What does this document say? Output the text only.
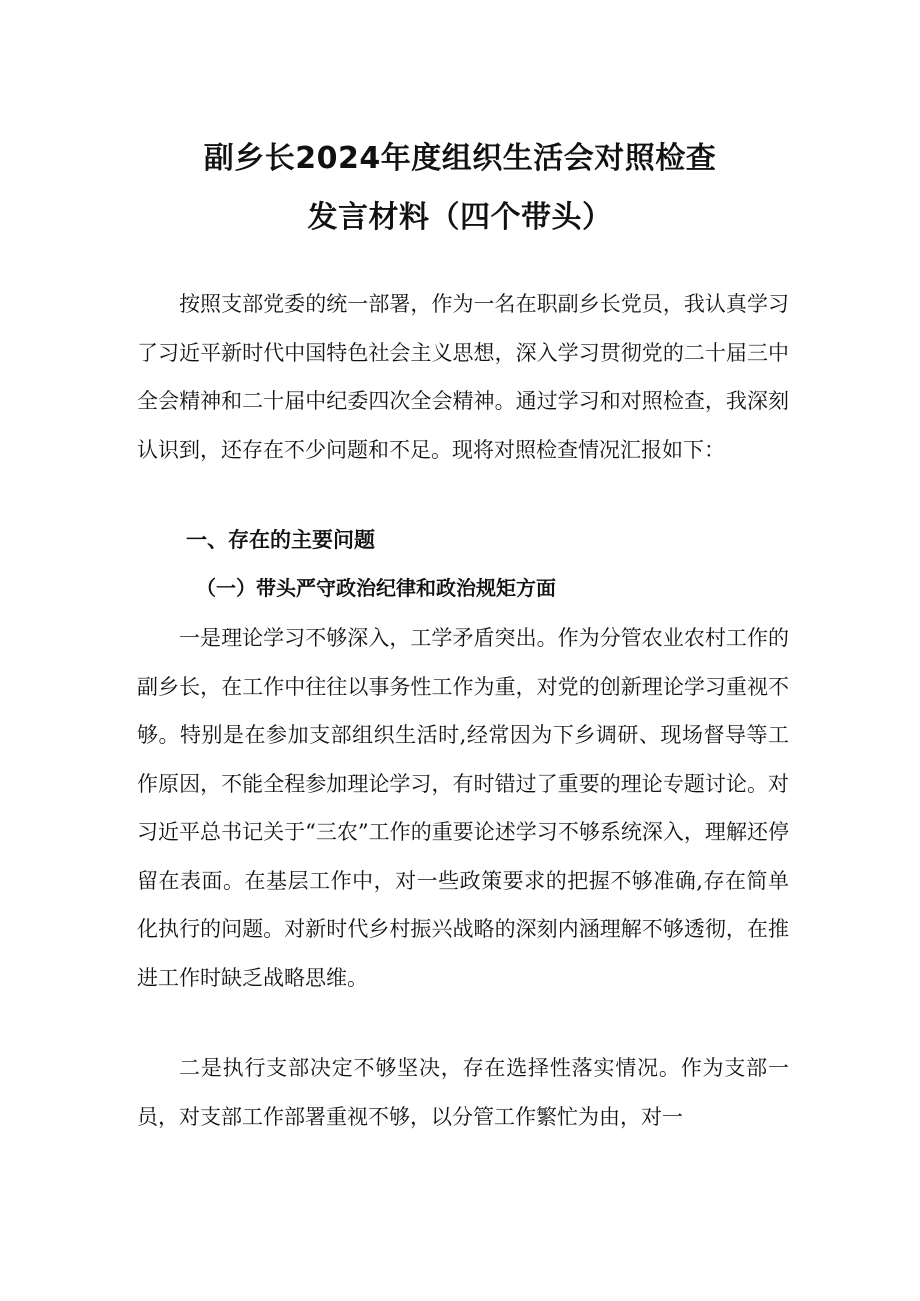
副乡长2024年度组织生活会对照检查
发言材料（四个带头）

按照支部党委的统一部署，作为一名在职副乡长党员，我认真学习了习近平新时代中国特色社会主义思想，深入学习贯彻党的二十届三中全会精神和二十届中纪委四次全会精神。通过学习和对照检查，我深刻认识到，还存在不少问题和不足。现将对照检查情况汇报如下：

一、存在的主要问题
（一）带头严守政治纪律和政治规矩方面

一是理论学习不够深入，工学矛盾突出。作为分管农业农村工作的副乡长，在工作中往往以事务性工作为重，对党的创新理论学习重视不够。特别是在参加支部组织生活时,经常因为下乡调研、现场督导等工作原因，不能全程参加理论学习，有时错过了重要的理论专题讨论。对习近平总书记关于“三农”工作的重要论述学习不够系统深入，理解还停留在表面。在基层工作中，对一些政策要求的把握不够准确,存在简单化执行的问题。对新时代乡村振兴战略的深刻内涵理解不够透彻，在推进工作时缺乏战略思维。

二是执行支部决定不够坚决，存在选择性落实情况。作为支部一员，对支部工作部署重视不够，以分管工作繁忙为由，对一
